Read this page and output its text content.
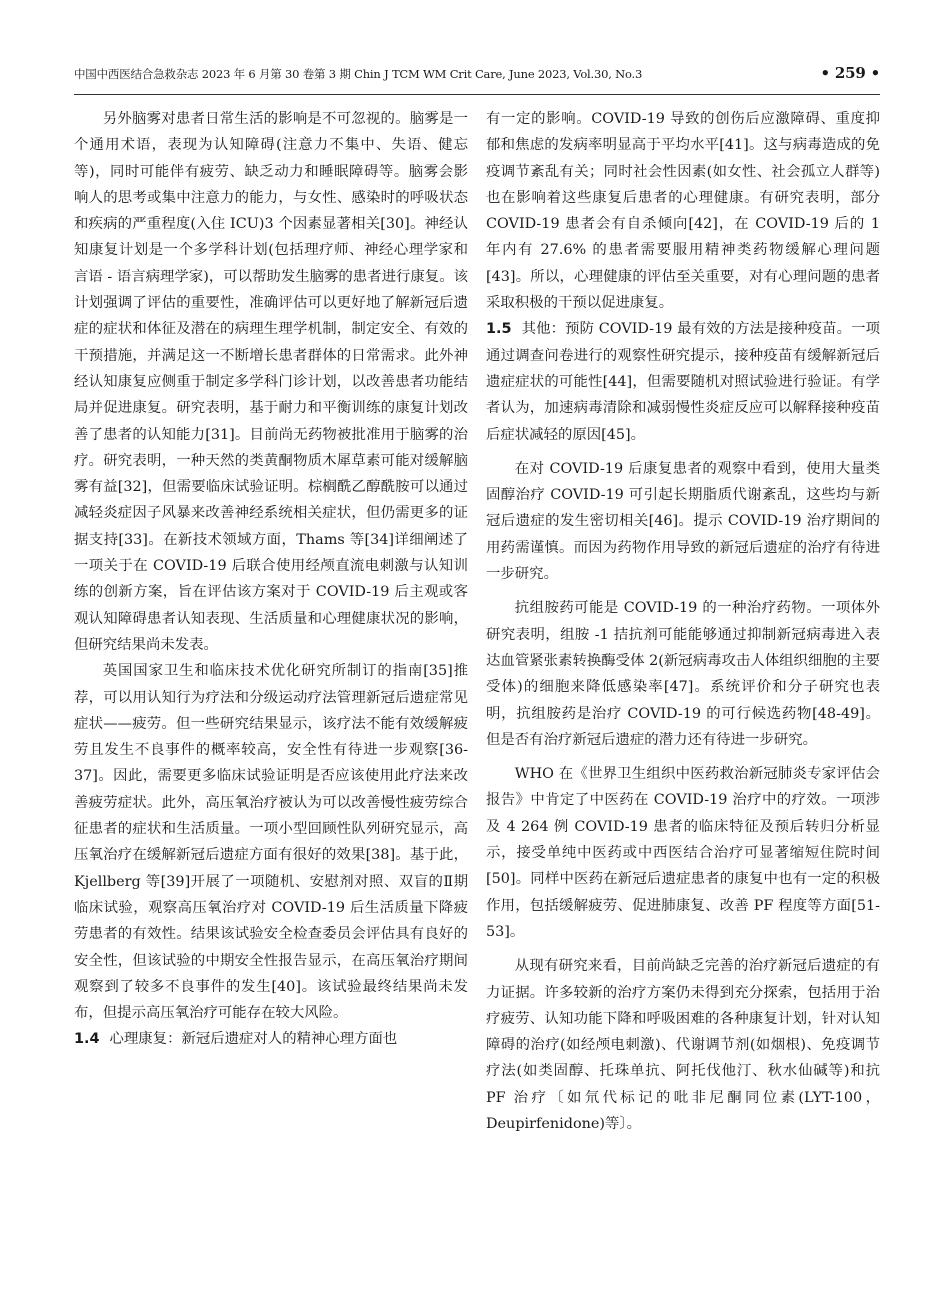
中国中西医结合急救杂志 2023 年 6 月第 30 卷第 3 期 Chin J TCM WM Crit Care, June 2023, Vol.30, No.3	• 259 •

另外脑雾对患者日常生活的影响是不可忽视的。脑雾是一个通用术语，表现为认知障碍(注意力不集中、失语、健忘等)，同时可能伴有疲劳、缺乏动力和睡眠障碍等。脑雾会影响人的思考或集中注意力的能力，与女性、感染时的呼吸状态和疾病的严重程度(入住 ICU)3 个因素显著相关[30]。神经认知康复计划是一个多学科计划(包括理疗师、神经心理学家和言语 - 语言病理学家)，可以帮助发生脑雾的患者进行康复。该计划强调了评估的重要性，准确评估可以更好地了解新冠后遗症的症状和体征及潜在的病理生理学机制，制定安全、有效的干预措施，并满足这一不断增长患者群体的日常需求。此外神经认知康复应侧重于制定多学科门诊计划，以改善患者功能结局并促进康复。研究表明，基于耐力和平衡训练的康复计划改善了患者的认知能力[31]。目前尚无药物被批准用于脑雾的治疗。研究表明，一种天然的类黄酮物质木犀草素可能对缓解脑雾有益[32]，但需要临床试验证明。棕榈酰乙醇酰胺可以通过减轻炎症因子风暴来改善神经系统相关症状，但仍需更多的证据支持[33]。在新技术领域方面，Thams 等[34]详细阐述了一项关于在 COVID-19 后联合使用经颅直流电刺激与认知训练的创新方案，旨在评估该方案对于 COVID-19 后主观或客观认知障碍患者认知表现、生活质量和心理健康状况的影响，但研究结果尚未发表。

英国国家卫生和临床技术优化研究所制订的指南[35]推荐，可以用认知行为疗法和分级运动疗法管理新冠后遗症常见症状——疲劳。但一些研究结果显示，该疗法不能有效缓解疲劳且发生不良事件的概率较高，安全性有待进一步观察[36-37]。因此，需要更多临床试验证明是否应该使用此疗法来改善疲劳症状。此外，高压氧治疗被认为可以改善慢性疲劳综合征患者的症状和生活质量。一项小型回顾性队列研究显示，高压氧治疗在缓解新冠后遗症方面有很好的效果[38]。基于此，Kjellberg 等[39]开展了一项随机、安慰剂对照、双盲的Ⅱ期临床试验，观察高压氧治疗对 COVID-19 后生活质量下降疲劳患者的有效性。结果该试验安全检查委员会评估具有良好的安全性，但该试验的中期安全性报告显示，在高压氧治疗期间观察到了较多不良事件的发生[40]。该试验最终结果尚未发布，但提示高压氧治疗可能存在较大风险。

1.4 心理康复：新冠后遗症对人的精神心理方面也

有一定的影响。COVID-19 导致的创伤后应激障碍、重度抑郁和焦虑的发病率明显高于平均水平[41]。这与病毒造成的免疫调节紊乱有关；同时社会性因素(如女性、社会孤立人群等)也在影响着这些康复后患者的心理健康。有研究表明，部分 COVID-19 患者会有自杀倾向[42]，在 COVID-19 后的 1 年内有 27.6% 的患者需要服用精神类药物缓解心理问题[43]。所以，心理健康的评估至关重要，对有心理问题的患者采取积极的干预以促进康复。

1.5 其他：预防 COVID-19 最有效的方法是接种疫苗。一项通过调查问卷进行的观察性研究提示，接种疫苗有缓解新冠后遗症症状的可能性[44]，但需要随机对照试验进行验证。有学者认为，加速病毒清除和减弱慢性炎症反应可以解释接种疫苗后症状减轻的原因[45]。

在对 COVID-19 后康复患者的观察中看到，使用大量类固醇治疗 COVID-19 可引起长期脂质代谢紊乱，这些均与新冠后遗症的发生密切相关[46]。提示 COVID-19 治疗期间的用药需谨慎。而因为药物作用导致的新冠后遗症的治疗有待进一步研究。

抗组胺药可能是 COVID-19 的一种治疗药物。一项体外研究表明，组胺 -1 拮抗剂可能能够通过抑制新冠病毒进入表达血管紧张素转换酶受体 2(新冠病毒攻击人体组织细胞的主要受体)的细胞来降低感染率[47]。系统评价和分子研究也表明，抗组胺药是治疗 COVID-19 的可行候选药物[48-49]。但是否有治疗新冠后遗症的潜力还有待进一步研究。

WHO 在《世界卫生组织中医药救治新冠肺炎专家评估会报告》中肯定了中医药在 COVID-19 治疗中的疗效。一项涉及 4 264 例 COVID-19 患者的临床特征及预后转归分析显示，接受单纯中医药或中西医结合治疗可显著缩短住院时间[50]。同样中医药在新冠后遗症患者的康复中也有一定的积极作用，包括缓解疲劳、促进肺康复、改善 PF 程度等方面[51-53]。

从现有研究来看，目前尚缺乏完善的治疗新冠后遗症的有力证据。许多较新的治疗方案仍未得到充分探索，包括用于治疗疲劳、认知功能下降和呼吸困难的各种康复计划，针对认知障碍的治疗(如经颅电刺激)、代谢调节剂(如烟根)、免疫调节疗法(如类固醇、托珠单抗、阿托伐他汀、秋水仙碱等)和抗 PF 治疗〔如氘代标记的吡非尼酮同位素(LYT-100，Deupirfenidone)等〕。
